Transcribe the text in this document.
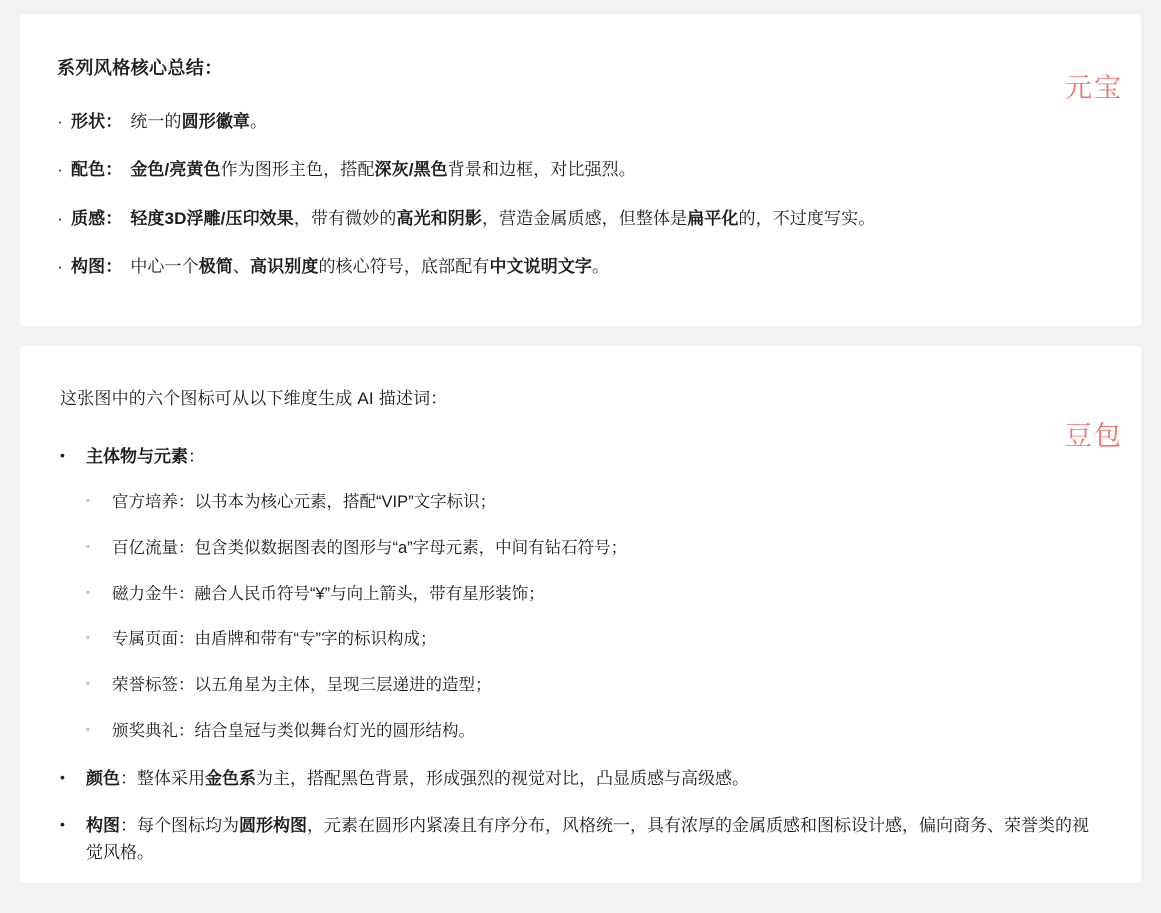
系列风格核心总结：
· 形状： 统一的圆形徽章。
· 配色： 金色/亮黄色作为图形主色，搭配深灰/黑色背景和边框，对比强烈。
· 质感： 轻度3D浮雕/压印效果，带有微妙的高光和阴影，营造金属质感，但整体是扁平化的，不过度写实。
· 构图： 中心一个极简、高识别度的核心符号，底部配有中文说明文字。
元宝
这张图中的六个图标可从以下维度生成 AI 描述词：
•	主体物与元素：
◦	官方培养： 以书本为核心元素，搭配“VIP”文字标识；
◦	百亿流量： 包含类似数据图表的图形与“a”字母元素，中间有钻石符号；
◦	磁力金牛： 融合人民币符号“¥”与向上箭头，带有星形装饰；
◦	专属页面： 由盾牌和带有“专”字的标识构成；
◦	荣誉标签： 以五角星为主体，呈现三层递进的造型；
◦	颁奖典礼： 结合皇冠与类似舞台灯光的圆形结构。
•	颜色：整体采用金色系为主，搭配黑色背景，形成强烈的视觉对比，凸显质感与高级感。
•	构图：每个图标均为圆形构图，元素在圆形内紧凑且有序分布，风格统一，具有浓厚的金属质感和图标设计感，偏向商务、荣誉类的视觉风格。
豆包
